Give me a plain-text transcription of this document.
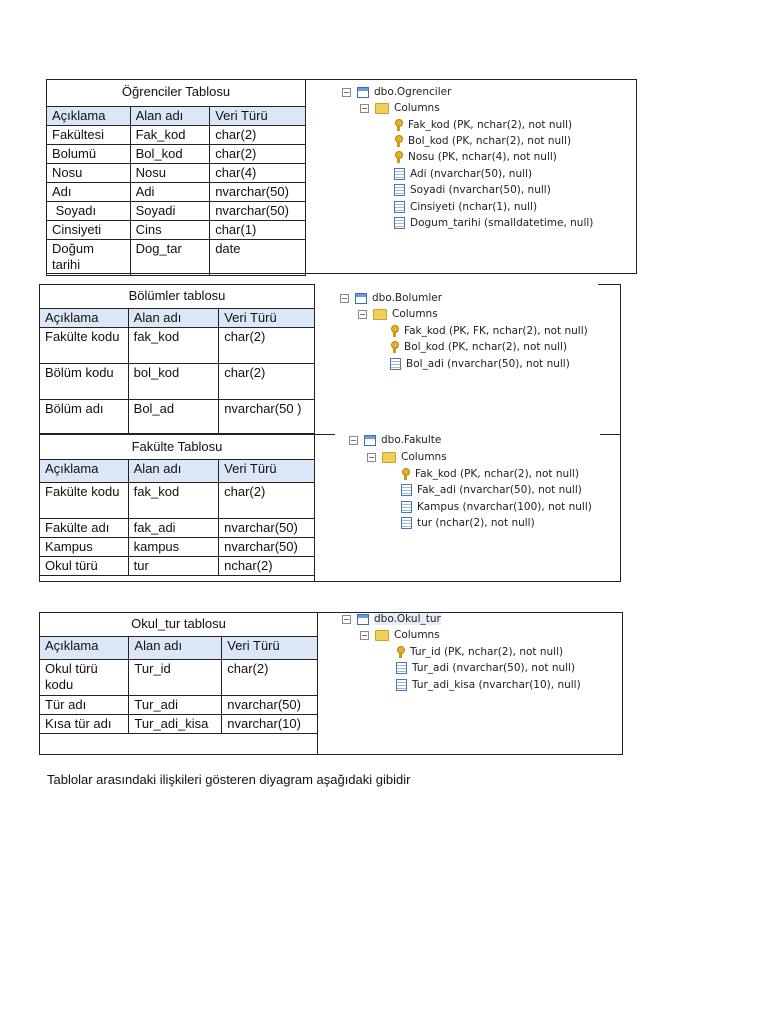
Öğrenciler Tablosu		
Açıklama	Alan adı	Veri Türü
Fakültesi	Fak_kod	char(2)
Bolumü	Bol_kod	char(2)
Nosu	Nosu	char(4)
Adı	Adi	nvarchar(50)
Soyadı	Soyadi	nvarchar(50)
Cinsiyeti	Cins	char(1)
Doğum tarihi	Dog_tar	date
− dbo.Ogrenciler
− Columns
Fak_kod (PK, nchar(2), not null)
Bol_kod (PK, nchar(2), not null)
Nosu (PK, nchar(4), not null)
Adi (nvarchar(50), null)
Soyadi (nvarchar(50), null)
Cinsiyeti (nchar(1), null)
Dogum_tarihi (smalldatetime, null)
Bölümler tablosu		
Açıklama	Alan adı	Veri Türü
Fakülte kodu	fak_kod	char(2)
Bölüm kodu	bol_kod	char(2)
Bölüm adı	Bol_ad	nvarchar(50 )
Fakülte Tablosu		
Açıklama	Alan adı	Veri Türü
Fakülte kodu	fak_kod	char(2)
Fakülte adı	fak_adi	nvarchar(50)
Kampus	kampus	nvarchar(50)
Okul türü	tur	nchar(2)
− dbo.Bolumler
− Columns
Fak_kod (PK, FK, nchar(2), not null)
Bol_kod (PK, nchar(2), not null)
Bol_adi (nvarchar(50), not null)
− dbo.Fakulte
− Columns
Fak_kod (PK, nchar(2), not null)
Fak_adi (nvarchar(50), not null)
Kampus (nvarchar(100), not null)
tur (nchar(2), not null)
Okul_tur tablosu		
Açıklama	Alan adı	Veri Türü
Okul türü kodu	Tur_id	char(2)
Tür adı	Tur_adi	nvarchar(50)
Kısa tür adı	Tur_adi_kisa	nvarchar(10)
− dbo.Okul_tur
− Columns
Tur_id (PK, nchar(2), not null)
Tur_adi (nvarchar(50), not null)
Tur_adi_kisa (nvarchar(10), null)
Tablolar arasındaki ilişkileri gösteren diyagram aşağıdaki gibidir
